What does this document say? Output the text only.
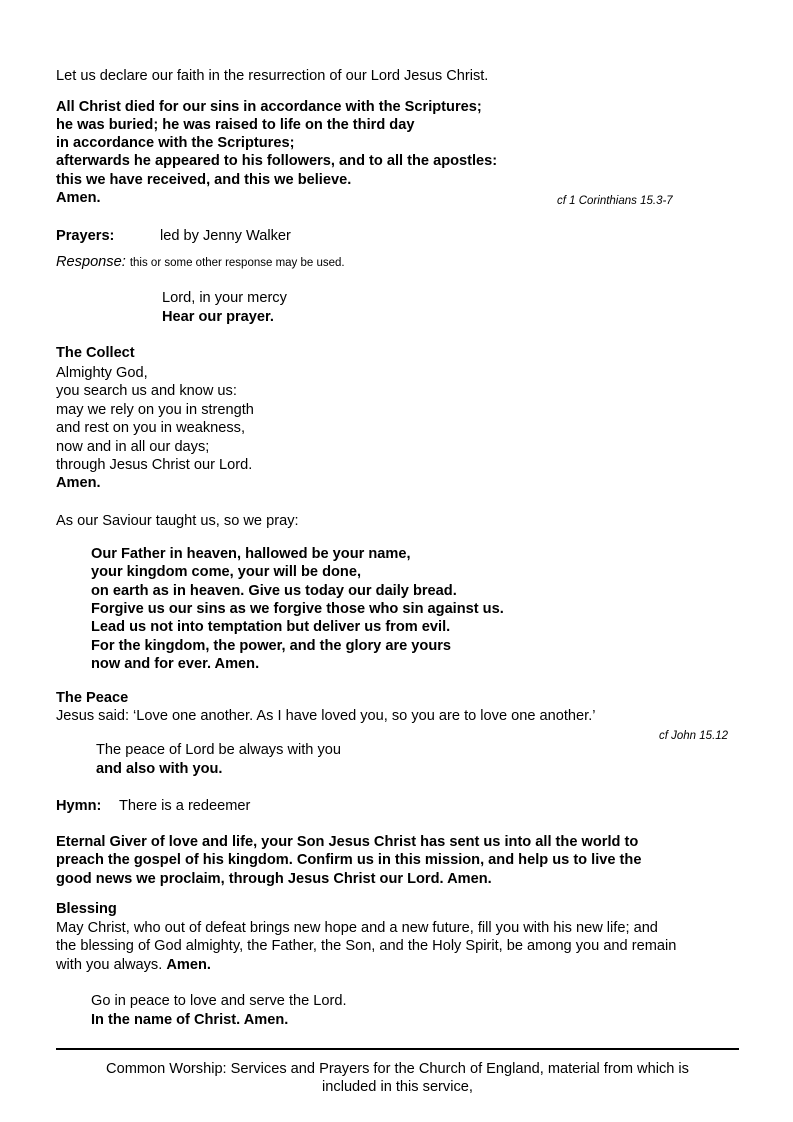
Let us declare our faith in the resurrection of our Lord Jesus Christ.
All Christ died for our sins in accordance with the Scriptures;
he was buried; he was raised to life on the third day
in accordance with the Scriptures;
afterwards he appeared to his followers, and to all the apostles:
this we have received, and this we believe.
Amen.	cf 1 Corinthians 15.3-7
Prayers:	led by Jenny Walker
Response: this or some other response may be used.
Lord, in your mercy
Hear our prayer.
The Collect
Almighty God,
you search us and know us:
may we rely on you in strength
and rest on you in weakness,
now and in all our days;
through Jesus Christ our Lord.
Amen.
As our Saviour taught us, so we pray:
Our Father in heaven, hallowed be your name,
your kingdom come, your will be done,
on earth as in heaven. Give us today our daily bread.
Forgive us our sins as we forgive those who sin against us.
Lead us not into temptation but deliver us from evil.
For the kingdom, the power, and the glory are yours
now and for ever. Amen.
The Peace
Jesus said: ‘Love one another. As I have loved you, so you are to love one another.’
cf John 15.12
The peace of Lord be always with you
and also with you.
Hymn: There is a redeemer
Eternal Giver of love and life, your Son Jesus Christ has sent us into all the world to
preach the gospel of his kingdom. Confirm us in this mission, and help us to live the
good news we proclaim, through Jesus Christ our Lord. Amen.
Blessing
May Christ, who out of defeat brings new hope and a new future, fill you with his new life; and
the blessing of God almighty, the Father, the Son, and the Holy Spirit, be among you and remain
with you always. Amen.
Go in peace to love and serve the Lord.
In the name of Christ. Amen.
Common Worship: Services and Prayers for the Church of England, material from which is
included in this service,
